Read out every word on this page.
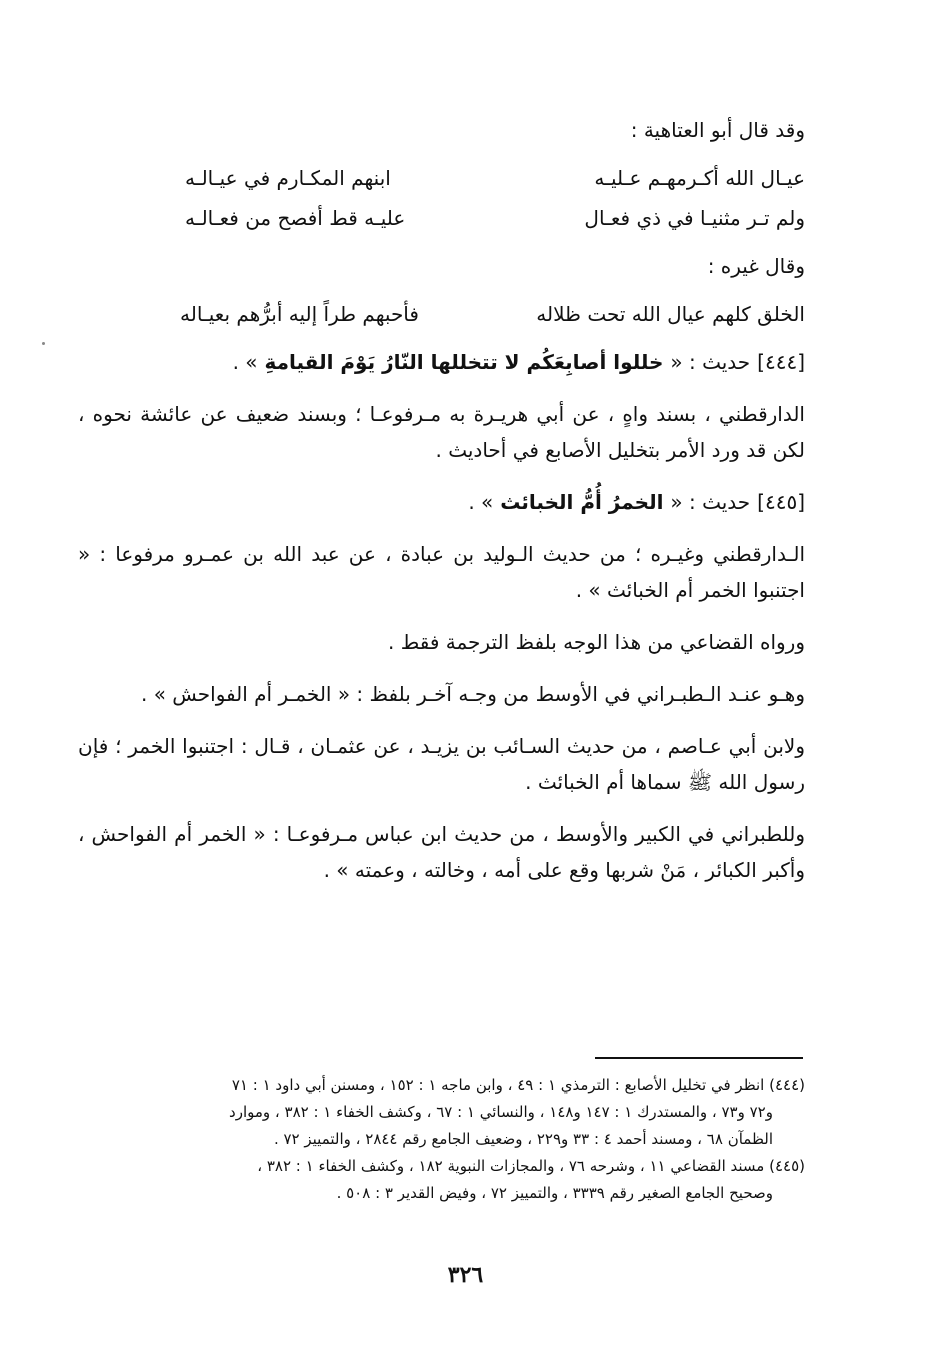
وقد قال أبو العتاهية :
عيـال الله أكـرمهـم عـليـه
ابنهم المكـارم في عيـالـه
ولم تـر مثنيـا في ذي فعـال
عليـه قط أفصح من فعـالـه
وقال غيره :
الخلق كلهم عيال الله تحت ظلاله
فأحبهم طراً إليه أبرُّهم بعيـاله
[٤٤٤] حديث : « خللوا أصابِعَكُم لا تتخللها النّارُ يَوْمَ القيامةِ » .
الدارقطني ، بسند واهٍ ، عن أبي هريـرة به مـرفوعـا ؛ وبسند ضعيف عن عائشة نحوه ، لكن قد ورد الأمر بتخليل الأصابع في أحاديث .
[٤٤٥] حديث : « الخمرُ أُمُّ الخبائث » .
الـدارقطني وغيـره ؛ من حديث الـوليد بن عبادة ، عن عبد الله بن عمـرو مرفوعا : « اجتنبوا الخمر أم الخبائث » .
ورواه القضاعي من هذا الوجه بلفظ الترجمة فقط .
وهـو عنـد الـطبـراني في الأوسط من وجـه آخـر بلفظ : « الخمـر أم الفواحش » .
ولابن أبي عـاصم ، من حديث السـائب بن يزيـد ، عن عثمـان ، قـال : اجتنبوا الخمر ؛ فإن رسول الله ﷺ سماها أم الخبائث .
وللطبراني في الكبير والأوسط ، من حديث ابن عباس مـرفوعـا : « الخمر أم الفواحش ، وأكبر الكبائر ، مَنْ شربها وقع على أمه ، وخالته ، وعمته » .
(٤٤٤) انظر في تخليل الأصابع : الترمذي ١ : ٤٩ ، وابن ماجه ١ : ١٥٢ ، ومسنن أبي داود ١ : ٧١
و٧٢ و٧٣ ، والمستدرك ١ : ١٤٧ و١٤٨ ، والنسائي ١ : ٦٧ ، وكشف الخفاء ١ : ٣٨٢ ، وموارد
الظمآن ٦٨ ، ومسند أحمد ٤ : ٣٣ و٢٢٩ ، وضعيف الجامع رقم ٢٨٤٤ ، والتمييز ٧٢ .
(٤٤٥) مسند القضاعي ١١ ، وشرحه ٧٦ ، والمجازات النبوية ١٨٢ ، وكشف الخفاء ١ : ٣٨٢ ،
وصحيح الجامع الصغير رقم ٣٣٣٩ ، والتمييز ٧٢ ، وفيض القدير ٣ : ٥٠٨ .
٣٢٦
